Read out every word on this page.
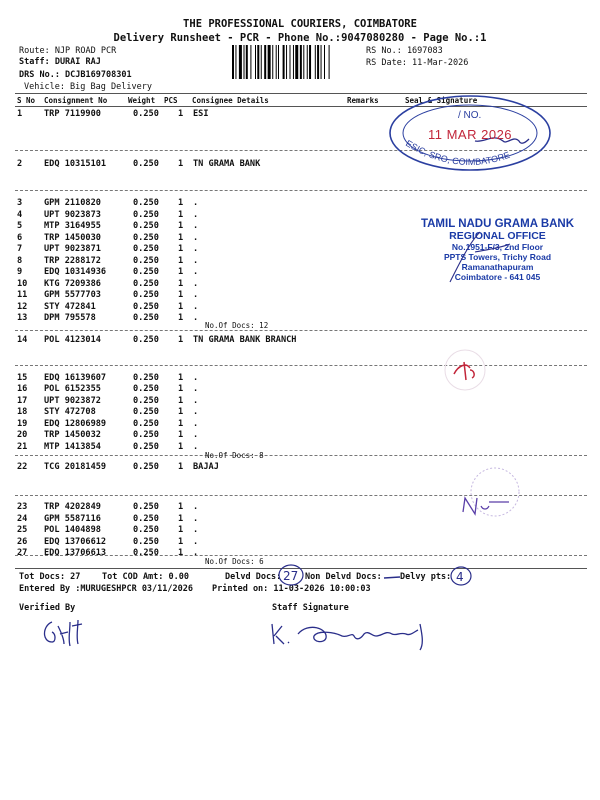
THE PROFESSIONAL COURIERS, COIMBATORE
Delivery Runsheet - PCR - Phone No.:9047080280 - Page No.:1
Route: NJP ROAD PCR
Staff: DURAI RAJ
DRS No.: DCJB169708301
Vehicle: Big Bag Delivery
RS No.: 1697083
RS Date: 11-Mar-2026
S No Consignment No	Weight PCS Consignee Details	Remarks	Seal & Signature
1	TRP 7119900	0.250 1 ESI
2	EDQ 10315101	0.250 1 TN GRAMA BANK
3	GPM 2110820	0.250 1 .
4	UPT 9023873	0.250 1 .
5	MTP 3164955	0.250 1 .
6	TRP 1450030	0.250 1 .
7	UPT 9023871	0.250 1 .
8	TRP 2288172	0.250 1 .
9	EDQ 10314936	0.250 1 .
10 KTG 7209386	0.250 1 .
11 GPM 5577703	0.250 1 .
12 STY 472841	0.250 1 .
13 DPM 795578	0.250 1 .
14 POL 4123014	0.250 1 TN GRAMA BANK BRANCH
15 EDQ 16139607	0.250 1 .
16 POL 6152355	0.250 1 .
17 UPT 9023872	0.250 1 .
18 STY 472708	0.250 1 .
19 EDQ 12806989	0.250 1 .
20 TRP 1450032	0.250 1 .
21 MTP 1413854	0.250 1 .
22 TCG 20181459	0.250 1 BAJAJ
23 TRP 4202849	0.250 1 .
24 GPM 5587116	0.250 1 .
25 POL 1404898	0.250 1 .
26 EDQ 13706612	0.250 1 .
27 EDQ 13706613	0.250 1 .
No.Of Docs: 12
No.Of Docs: 8
No.Of Docs: 6
Tot Docs: 27	Tot COD Amt: 0.00	Delvd Docs:	Non Delvd Docs: Delvy pts:
Entered By :MURUGESHPCR 03/11/2026 Printed on: 11-03-2026 10:00:03
Verified By	Staff Signature
27	4
ESIC, SRO, COIMBATORE
/ NO.
11 MAR 2026
TAMIL NADU GRAMA BANK
REGIONAL OFFICE
No.1951-F/3, 2nd Floor
PPTS Towers, Trichy Road
Ramanathapuram
Coimbatore - 641 045
